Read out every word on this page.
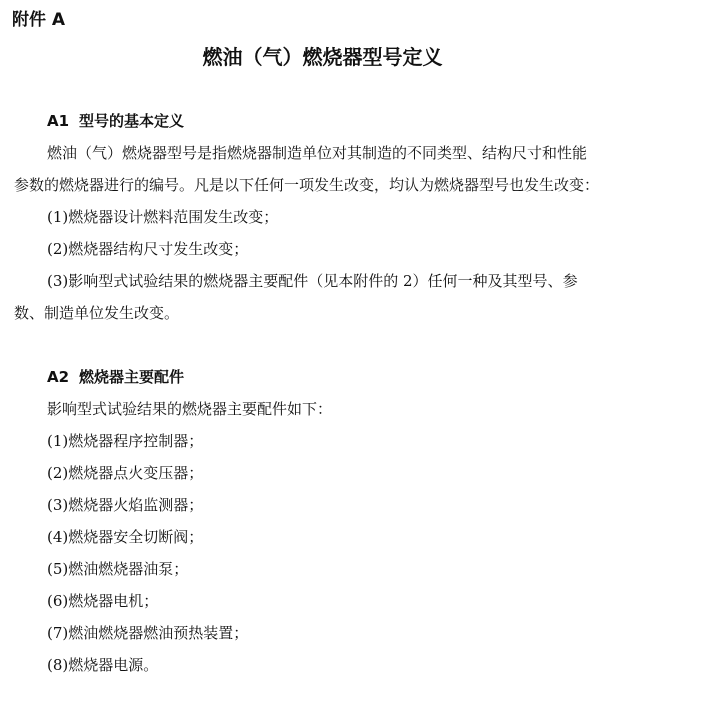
附件 A
燃油（气）燃烧器型号定义
A1 型号的基本定义
燃油（气）燃烧器型号是指燃烧器制造单位对其制造的不同类型、结构尺寸和性能
参数的燃烧器进行的编号。凡是以下任何一项发生改变，均认为燃烧器型号也发生改变：
(1)燃烧器设计燃料范围发生改变；
(2)燃烧器结构尺寸发生改变；
(3)影响型式试验结果的燃烧器主要配件（见本附件的 2）任何一种及其型号、参
数、制造单位发生改变。
A2 燃烧器主要配件
影响型式试验结果的燃烧器主要配件如下：
(1)燃烧器程序控制器；
(2)燃烧器点火变压器；
(3)燃烧器火焰监测器；
(4)燃烧器安全切断阀；
(5)燃油燃烧器油泵；
(6)燃烧器电机；
(7)燃油燃烧器燃油预热装置；
(8)燃烧器电源。
